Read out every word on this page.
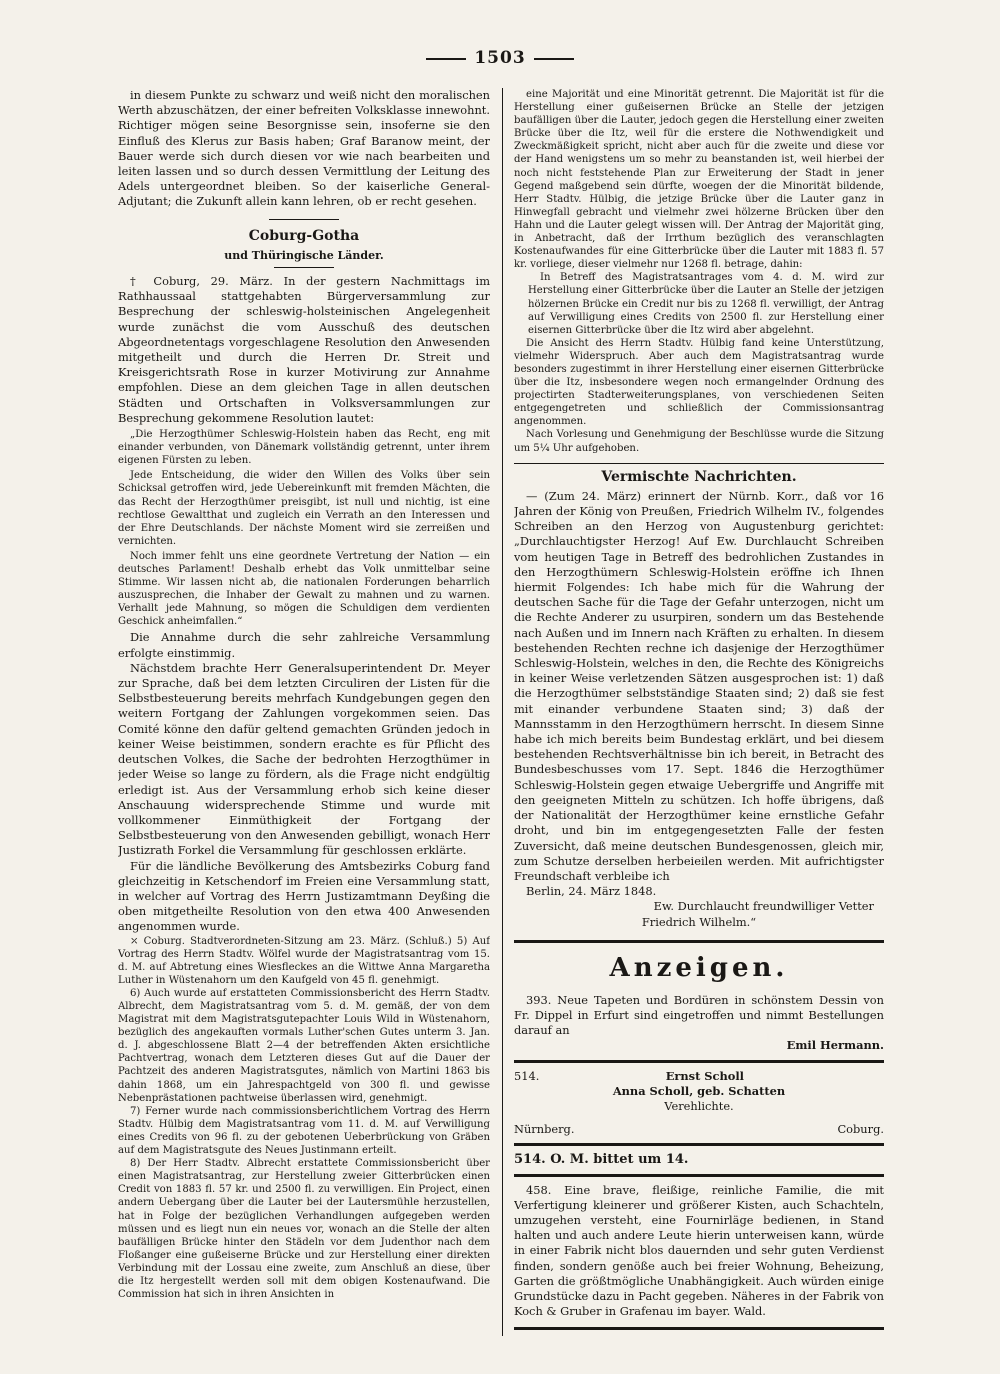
1503

in diesem Punkte zu schwarz und weiß nicht den moralischen Werth abzuschätzen, der einer befreiten Volksklasse innewohnt. Richtiger mögen seine Besorgnisse sein, insoferne sie den Einfluß des Klerus zur Basis haben; Graf Baranow meint, der Bauer werde sich durch diesen vor wie nach bearbeiten und leiten lassen und so durch dessen Vermittlung der Leitung des Adels untergeordnet bleiben. So der kaiserliche General-Adjutant; die Zukunft allein kann lehren, ob er recht gesehen.

Coburg-Gotha
und Thüringische Länder.

† Coburg, 29. März. In der gestern Nachmittags im Rathhaussaal stattgehabten Bürgerversammlung zur Besprechung der schleswig-holsteinischen Angelegenheit wurde zunächst die vom Ausschuß des deutschen Abgeordnetentags vorgeschlagene Resolution den Anwesenden mitgetheilt und durch die Herren Dr. Streit und Kreisgerichtsrath Rose in kurzer Motivirung zur Annahme empfohlen. Diese an dem gleichen Tage in allen deutschen Städten und Ortschaften in Volksversammlungen zur Besprechung gekommene Resolution lautet:

„Die Herzogthümer Schleswig-Holstein haben das Recht, eng mit einander verbunden, von Dänemark vollständig getrennt, unter ihrem eigenen Fürsten zu leben.

Jede Entscheidung, die wider den Willen des Volks über sein Schicksal getroffen wird, jede Uebereinkunft mit fremden Mächten, die das Recht der Herzogthümer preisgibt, ist null und nichtig, ist eine rechtlose Gewaltthat und zugleich ein Verrath an den Interessen und der Ehre Deutschlands. Der nächste Moment wird sie zerreißen und vernichten.

Noch immer fehlt uns eine geordnete Vertretung der Nation — ein deutsches Parlament! Deshalb erhebt das Volk unmittelbar seine Stimme. Wir lassen nicht ab, die nationalen Forderungen beharrlich auszusprechen, die Inhaber der Gewalt zu mahnen und zu warnen. Verhallt jede Mahnung, so mögen die Schuldigen dem verdienten Geschick anheimfallen.“

Die Annahme durch die sehr zahlreiche Versammlung erfolgte einstimmig.

Nächstdem brachte Herr Generalsuperintendent Dr. Meyer zur Sprache, daß bei dem letzten Circuliren der Listen für die Selbstbesteuerung bereits mehrfach Kundgebungen gegen den weitern Fortgang der Zahlungen vorgekommen seien. Das Comité könne den dafür geltend gemachten Gründen jedoch in keiner Weise beistimmen, sondern erachte es für Pflicht des deutschen Volkes, die Sache der bedrohten Herzogthümer in jeder Weise so lange zu fördern, als die Frage nicht endgültig erledigt ist. Aus der Versammlung erhob sich keine dieser Anschauung widersprechende Stimme und wurde mit vollkommener Einmüthigkeit der Fortgang der Selbstbesteuerung von den Anwesenden gebilligt, wonach Herr Justizrath Forkel die Versammlung für geschlossen erklärte.

Für die ländliche Bevölkerung des Amtsbezirks Coburg fand gleichzeitig in Ketschendorf im Freien eine Versammlung statt, in welcher auf Vortrag des Herrn Justizamtmann Deyßing die oben mitgetheilte Resolution von den etwa 400 Anwesenden angenommen wurde.

⤫ Coburg. Stadtverordneten-Sitzung am 23. März. (Schluß.) 5) Auf Vortrag des Herrn Stadtv. Wölfel wurde der Magistratsantrag vom 15. d. M. auf Abtretung eines Wiesfleckes an die Wittwe Anna Margaretha Luther in Wüstenahorn um den Kaufgeld von 45 fl. genehmigt.

6) Auch wurde auf erstatteten Commissionsbericht des Herrn Stadtv. Albrecht, dem Magistratsantrag vom 5. d. M. gemäß, der von dem Magistrat mit dem Magistratsgutepachter Louis Wild in Wüstenahorn, bezüglich des angekauften vormals Luther'schen Gutes unterm 3. Jan. d. J. abgeschlossene Blatt 2—4 der betreffenden Akten ersichtliche Pachtvertrag, wonach dem Letzteren dieses Gut auf die Dauer der Pachtzeit des anderen Magistratsgutes, nämlich von Martini 1863 bis dahin 1868, um ein Jahrespachtgeld von 300 fl. und gewisse Nebenprästationen pachtweise überlassen wird, genehmigt.

7) Ferner wurde nach commissionsberichtlichem Vortrag des Herrn Stadtv. Hülbig dem Magistratsantrag vom 11. d. M. auf Verwilligung eines Credits von 96 fl. zu der gebotenen Ueberbrückung von Gräben auf dem Magistratsgute des Neues Justinmann erteilt.

8) Der Herr Stadtv. Albrecht erstattete Commissionsbericht über einen Magistratsantrag, zur Herstellung zweier Gitterbrücken einen Credit von 1883 fl. 57 kr. und 2500 fl. zu verwilligen. Ein Project, einen andern Uebergang über die Lauter bei der Lautersmühle herzustellen, hat in Folge der bezüglichen Verhandlungen aufgegeben werden müssen und es liegt nun ein neues vor, wonach an die Stelle der alten baufälligen Brücke hinter den Städeln vor dem Judenthor nach dem Floßanger eine gußeiserne Brücke und zur Herstellung einer direkten Verbindung mit der Lossau eine zweite, zum Anschluß an diese, über die Itz hergestellt werden soll mit dem obigen Kostenaufwand. Die Commission hat sich in ihren Ansichten in

eine Majorität und eine Minorität getrennt. Die Majorität ist für die Herstellung einer gußeisernen Brücke an Stelle der jetzigen baufälligen über die Lauter, jedoch gegen die Herstellung einer zweiten Brücke über die Itz, weil für die erstere die Nothwendigkeit und Zweckmäßigkeit spricht, nicht aber auch für die zweite und diese vor der Hand wenigstens um so mehr zu beanstanden ist, weil hierbei der noch nicht feststehende Plan zur Erweiterung der Stadt in jener Gegend maßgebend sein dürfte, woegen der die Minorität bildende, Herr Stadtv. Hülbig, die jetzige Brücke über die Lauter ganz in Hinwegfall gebracht und vielmehr zwei hölzerne Brücken über den Hahn und die Lauter gelegt wissen will. Der Antrag der Majorität ging, in Anbetracht, daß der Irrthum bezüglich des veranschlagten Kostenaufwandes für eine Gitterbrücke über die Lauter mit 1883 fl. 57 kr. vorliege, dieser vielmehr nur 1268 fl. betrage, dahin:

In Betreff des Magistratsantrages vom 4. d. M. wird zur Herstellung einer Gitterbrücke über die Lauter an Stelle der jetzigen hölzernen Brücke ein Credit nur bis zu 1268 fl. verwilligt, der Antrag auf Verwilligung eines Credits von 2500 fl. zur Herstellung einer eisernen Gitterbrücke über die Itz wird aber abgelehnt.

Die Ansicht des Herrn Stadtv. Hülbig fand keine Unterstützung, vielmehr Widerspruch. Aber auch dem Magistratsantrag wurde besonders zugestimmt in ihrer Herstellung einer eisernen Gitterbrücke über die Itz, insbesondere wegen noch ermangelnder Ordnung des projectirten Stadterweiterungsplanes, von verschiedenen Seiten entgegengetreten und schließlich der Commissionsantrag angenommen.

Nach Vorlesung und Genehmigung der Beschlüsse wurde die Sitzung um 5¼ Uhr aufgehoben.

Vermischte Nachrichten.

— (Zum 24. März) erinnert der Nürnb. Korr., daß vor 16 Jahren der König von Preußen, Friedrich Wilhelm IV., folgendes Schreiben an den Herzog von Augustenburg gerichtet: „Durchlauchtigster Herzog! Auf Ew. Durchlaucht Schreiben vom heutigen Tage in Betreff des bedrohlichen Zustandes in den Herzogthümern Schleswig-Holstein eröffne ich Ihnen hiermit Folgendes: Ich habe mich für die Wahrung der deutschen Sache für die Tage der Gefahr unterzogen, nicht um die Rechte Anderer zu usurpiren, sondern um das Bestehende nach Außen und im Innern nach Kräften zu erhalten. In diesem bestehenden Rechten rechne ich dasjenige der Herzogthümer Schleswig-Holstein, welches in den, die Rechte des Königreichs in keiner Weise verletzenden Sätzen ausgesprochen ist: 1) daß die Herzogthümer selbstständige Staaten sind; 2) daß sie fest mit einander verbundene Staaten sind; 3) daß der Mannsstamm in den Herzogthümern herrscht. In diesem Sinne habe ich mich bereits beim Bundestag erklärt, und bei diesem bestehenden Rechtsverhältnisse bin ich bereit, in Betracht des Bundesbeschusses vom 17. Sept. 1846 die Herzogthümer Schleswig-Holstein gegen etwaige Uebergriffe und Angriffe mit den geeigneten Mitteln zu schützen. Ich hoffe übrigens, daß der Nationalität der Herzogthümer keine ernstliche Gefahr droht, und bin im entgegengesetzten Falle der festen Zuversicht, daß meine deutschen Bundesgenossen, gleich mir, zum Schutze derselben herbeieilen werden. Mit aufrichtigster Freundschaft verbleibe ich

Berlin, 24. März 1848.

Ew. Durchlaucht freundwilliger Vetter

Friedrich Wilhelm.“

Anzeigen.

393. Neue Tapeten und Bordüren in schönstem Dessin von Fr. Dippel in Erfurt sind eingetroffen und nimmt Bestellungen darauf an

Emil Hermann.

514.	Ernst Scholl

Anna Scholl, geb. Schatten

Verehlichte.

Nürnberg.	Coburg.

514. O. M. bittet um 14.

458. Eine brave, fleißige, reinliche Familie, die mit Verfertigung kleinerer und größerer Kisten, auch Schachteln, umzugehen versteht, eine Fournirläge bedienen, in Stand halten und auch andere Leute hierin unterweisen kann, würde in einer Fabrik nicht blos dauernden und sehr guten Verdienst finden, sondern genöße auch bei freier Wohnung, Beheizung, Garten die größtmögliche Unabhängigkeit. Auch würden einige Grundstücke dazu in Pacht gegeben. Näheres in der Fabrik von Koch & Gruber in Grafenau im bayer. Wald.
